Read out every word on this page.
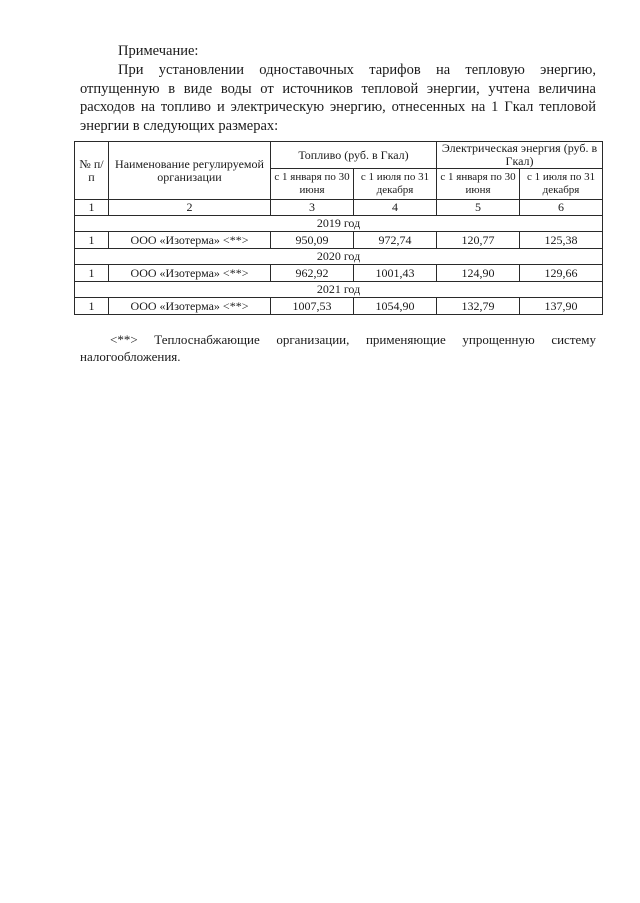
Примечание:
При установлении одноставочных тарифов на тепловую энергию, отпущенную в виде воды от источников тепловой энергии, учтена величина расходов на топливо и электрическую энергию, отнесенных на 1 Гкал тепловой энергии в следующих размерах:
№ п/п	Наименование регулируемой организации	Топливо (руб. в Гкал)		Электрическая энергия (руб. в Гкал)	
		с 1 января по 30 июня	с 1 июля по 31 декабря	с 1 января по 30 июня	с 1 июля по 31 декабря
1	2	3	4	5	6
2019 год					
1	ООО «Изотерма» <**>	950,09	972,74	120,77	125,38
2020 год					
1	ООО «Изотерма» <**>	962,92	1001,43	124,90	129,66
2021 год					
1	ООО «Изотерма» <**>	1007,53	1054,90	132,79	137,90
<**> Теплоснабжающие организации, применяющие упрощенную систему налогообложения.
